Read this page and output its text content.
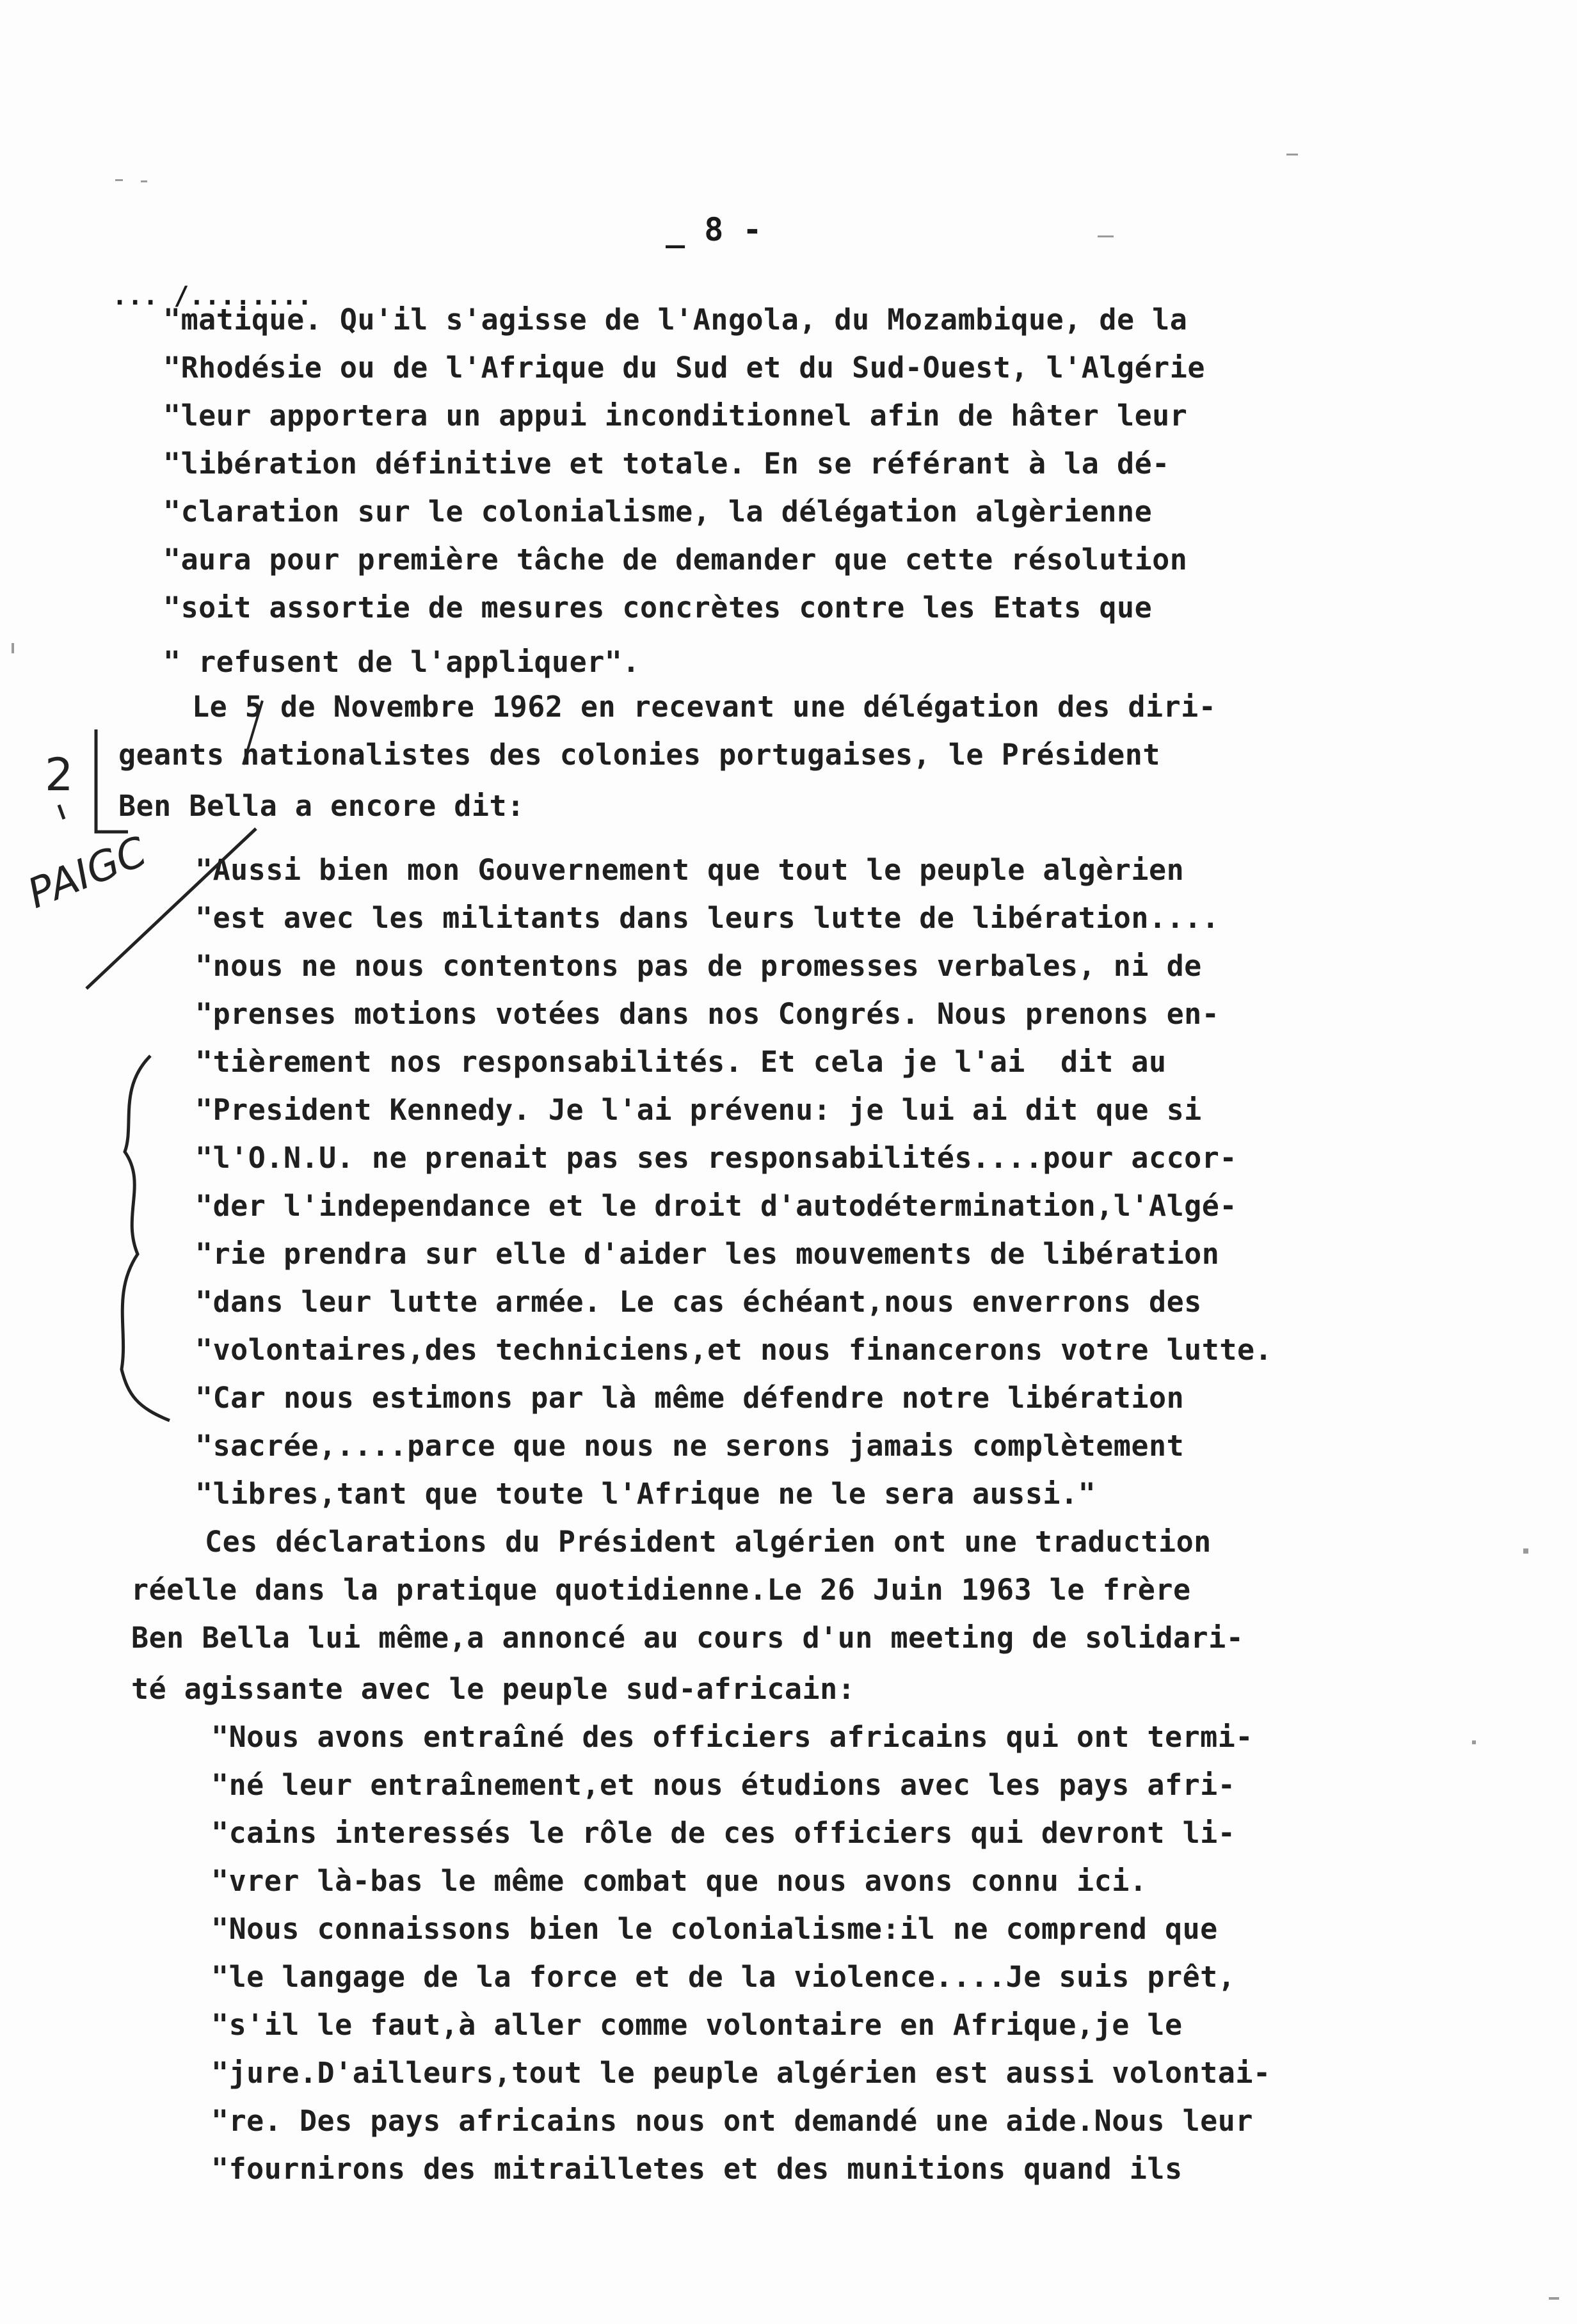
_ 8 -
... /........
"matique. Qu'il s'agisse de l'Angola, du Mozambique, de la
"Rhodésie ou de l'Afrique du Sud et du Sud-Ouest, l'Algérie
"leur apportera un appui inconditionnel afin de hâter leur
"libération définitive et totale. En se référant à la dé-
"claration sur le colonialisme, la délégation algèrienne
"aura pour première tâche de demander que cette résolution
"soit assortie de mesures concrètes contre les Etats que
" refusent de l'appliquer".
Le 5 de Novembre 1962 en recevant une délégation des diri-
geants nationalistes des colonies portugaises, le Président
Ben Bella a encore dit:
"Aussi bien mon Gouvernement que tout le peuple algèrien
"est avec les militants dans leurs lutte de libération....
"nous ne nous contentons pas de promesses verbales, ni de
"prenses motions votées dans nos Congrés. Nous prenons en-
"tièrement nos responsabilités. Et cela je l'ai  dit au
"President Kennedy. Je l'ai prévenu: je lui ai dit que si
"l'O.N.U. ne prenait pas ses responsabilités....pour accor-
"der l'independance et le droit d'autodétermination,l'Algé-
"rie prendra sur elle d'aider les mouvements de libération
"dans leur lutte armée. Le cas échéant,nous enverrons des
"volontaires,des techniciens,et nous financerons votre lutte.
"Car nous estimons par là même défendre notre libération
"sacrée,....parce que nous ne serons jamais complètement
"libres,tant que toute l'Afrique ne le sera aussi."
Ces déclarations du Président algérien ont une traduction
réelle dans la pratique quotidienne.Le 26 Juin 1963 le frère
Ben Bella lui même,a annoncé au cours d'un meeting de solidari-
té agissante avec le peuple sud-africain:
"Nous avons entraîné des officiers africains qui ont termi-
"né leur entraînement,et nous étudions avec les pays afri-
"cains interessés le rôle de ces officiers qui devront li-
"vrer là-bas le même combat que nous avons connu ici.
"Nous connaissons bien le colonialisme:il ne comprend que
"le langage de la force et de la violence....Je suis prêt,
"s'il le faut,à aller comme volontaire en Afrique,je le
"jure.D'ailleurs,tout le peuple algérien est aussi volontai-
"re. Des pays africains nous ont demandé une aide.Nous leur
"fournirons des mitrailletes et des munitions quand ils
2
PAIGC
